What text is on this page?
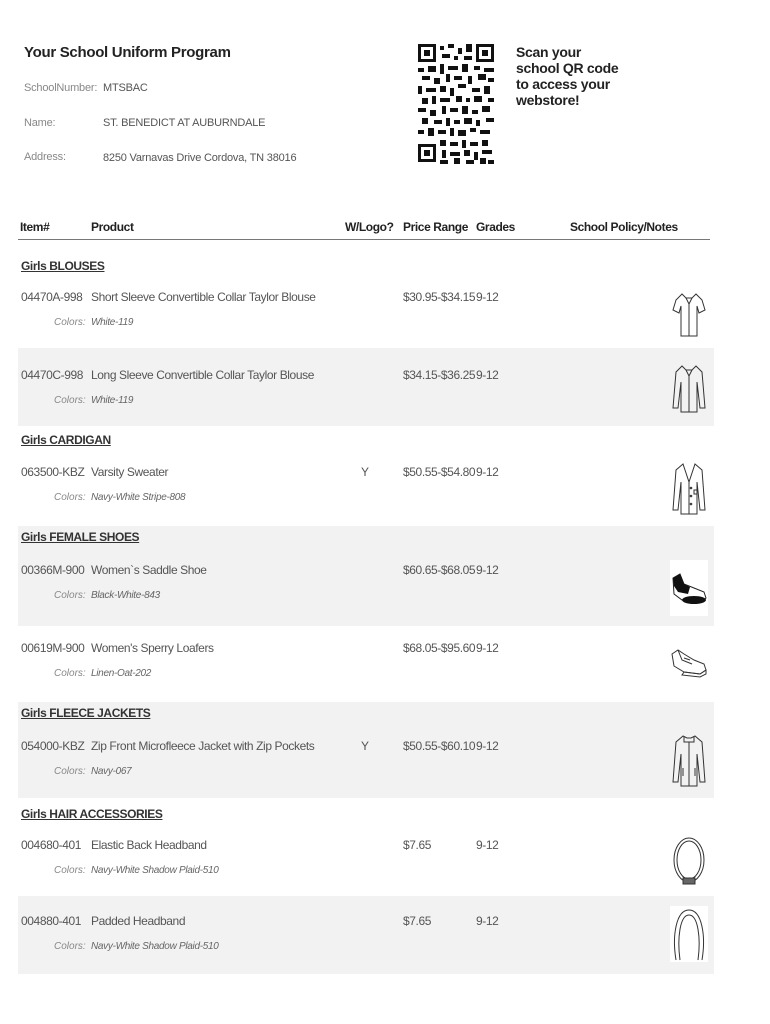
Your School Uniform Program
SchoolNumber: MTSBAC
Name:	ST. BENEDICT AT AUBURNDALE
Address:	8250 Varnavas Drive Cordova, TN 38016
Scan your
school QR code
to access your
webstore!
Item#	Product	W/Logo? Price Range Grades	School Policy/Notes
Girls BLOUSES
04470A-998 Short Sleeve Convertible Collar Taylor Blouse	$30.95-$34.15 9-12
Colors: White-119
04470C-998 Long Sleeve Convertible Collar Taylor Blouse	$34.15-$36.25 9-12
Colors: White-119
Girls CARDIGAN
063500-KBZ Varsity Sweater	Y	$50.55-$54.80 9-12
Colors: Navy-White Stripe-808
Girls FEMALE SHOES
00366M-900 Women`s Saddle Shoe	$60.65-$68.05 9-12
Colors: Black-White-843
00619M-900 Women's Sperry Loafers	$68.05-$95.60 9-12
Colors: Linen-Oat-202
Girls FLEECE JACKETS
054000-KBZ Zip Front Microfleece Jacket with Zip Pockets	Y	$50.55-$60.10 9-12
Colors: Navy-067
Girls HAIR ACCESSORIES
004680-401 Elastic Back Headband	$7.65	9-12
Colors: Navy-White Shadow Plaid-510
004880-401 Padded Headband	$7.65	9-12
Colors: Navy-White Shadow Plaid-510
